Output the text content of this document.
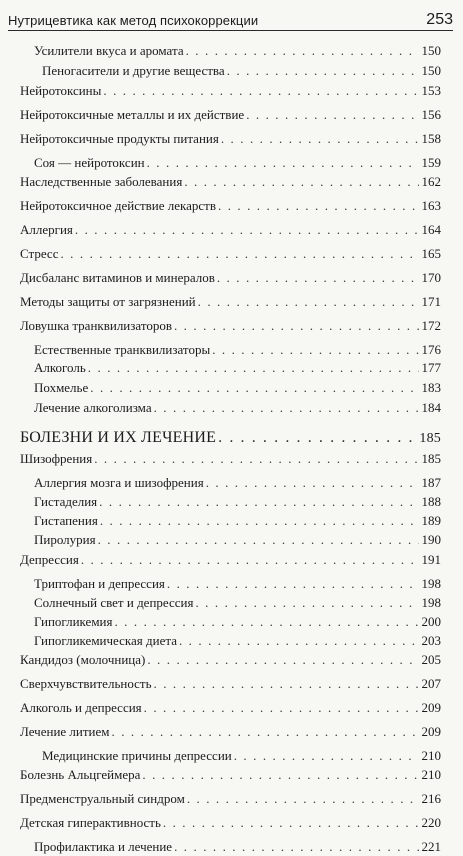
Нутрицевтика как метод психокоррекции	253
Усилители вкуса и аромата . . .	150
Пеногасители и другие вещества . . .	150
Нейротоксины . . .	153
Нейротоксичные металлы и их действие . . .	156
Нейротоксичные продукты питания . . .	158
Соя — нейротоксин . . .	159
Наследственные заболевания . . .	162
Нейротоксичное действие лекарств . . .	163
Аллергия . . .	164
Стресс . . .	165
Дисбаланс витаминов и минералов . . .	170
Методы защиты от загрязнений . . .	171
Ловушка транквилизаторов . . .	172
Естественные транквилизаторы . . .	176
Алкоголь . . .	177
Похмелье . . .	183
Лечение алкоголизма . . .	184
БОЛЕЗНИ И ИХ ЛЕЧЕНИЕ . . .	185
Шизофрения . . .	185
Аллергия мозга и шизофрения . . .	187
Гистаделия . . .	188
Гистапения . . .	189
Пиролурия . . .	190
Депрессия . . .	191
Триптофан и депрессия . . .	198
Солнечный свет и депрессия . . .	198
Гипогликемия . . .	200
Гипогликемическая диета . . .	203
Кандидоз (молочница) . . .	205
Сверхчувствительность . . .	207
Алкоголь и депрессия . . .	209
Лечение литием . . .	209
Медицинские причины депрессии . . .	210
Болезнь Альцгеймера . . .	210
Предменструальный синдром . . .	216
Детская гиперактивность . . .	220
Профилактика и лечение . . .	221
